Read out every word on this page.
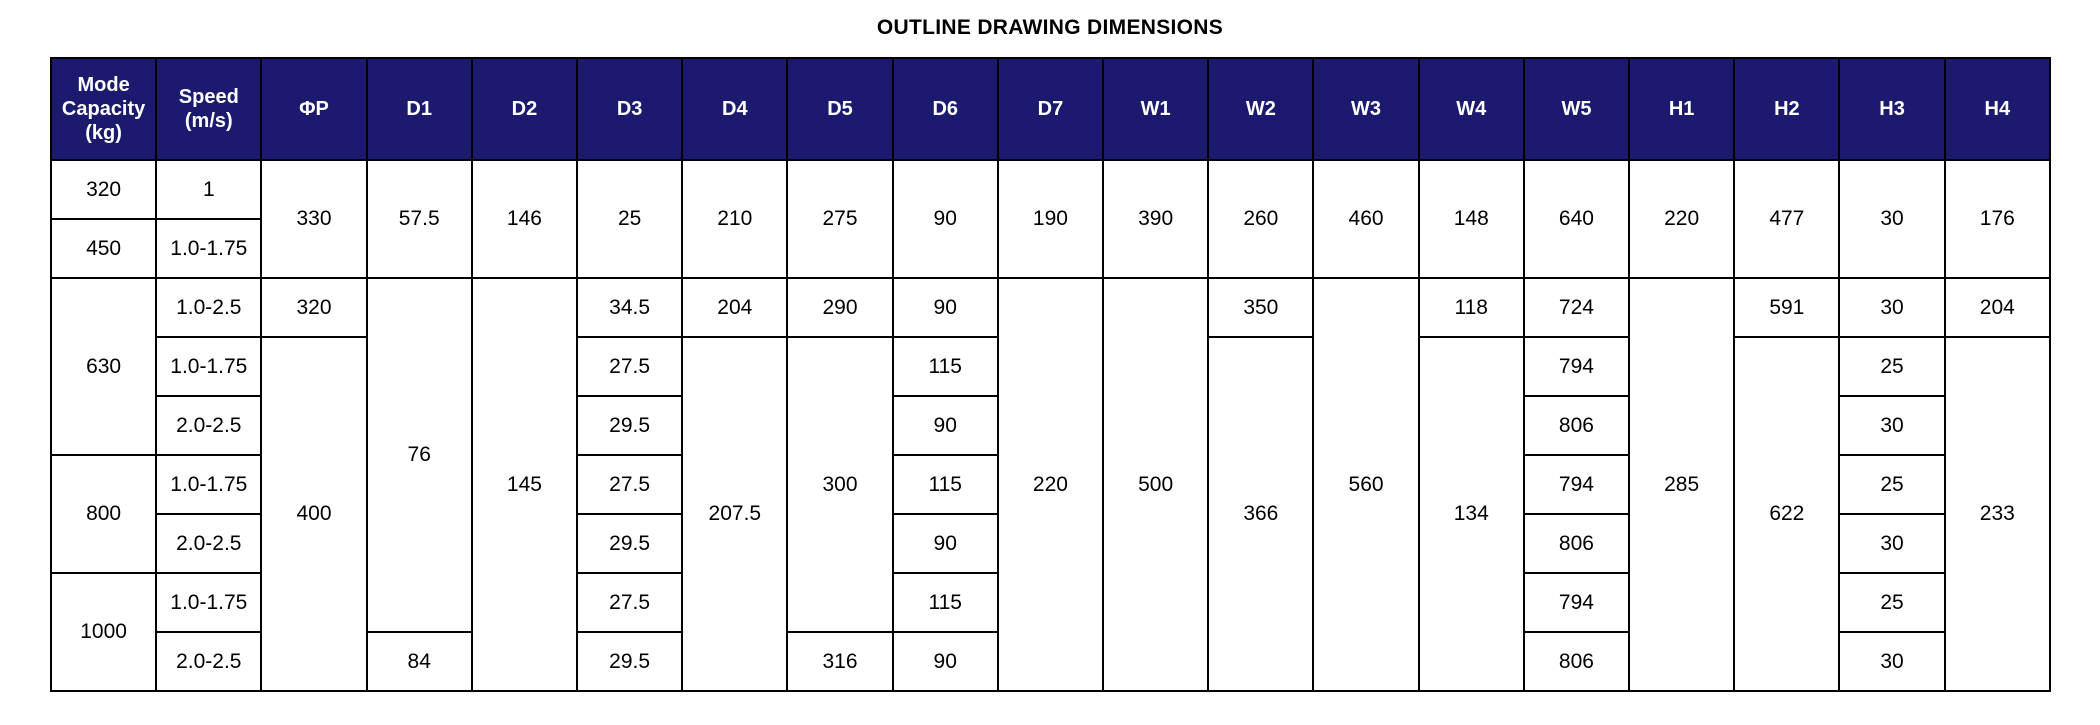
OUTLINE DRAWING DIMENSIONS
Mode Capacity (kg)	Speed (m/s)	ΦP	D1	D2	D3	D4	D5	D6	D7	W1	W2	W3	W4	W5	H1	H2	H3	H4
320	1	330	57.5	146	25	210	275	90	190	390	260	460	148	640	220	477	30	176
450	1.0-1.75																	
630	1.0-2.5	320	76	145	34.5	204	290	90	220	500	350	560	118	724	285	591	30	204
	1.0-1.75	400			27.5	207.5	300	115			366		134	794		622	25	233
	2.0-2.5				29.5			90						806			30	
800	1.0-1.75				27.5			115						794			25	
	2.0-2.5				29.5			90						806			30	
1000	1.0-1.75				27.5			115						794			25	
	2.0-2.5		84		29.5		316	90						806			30	
